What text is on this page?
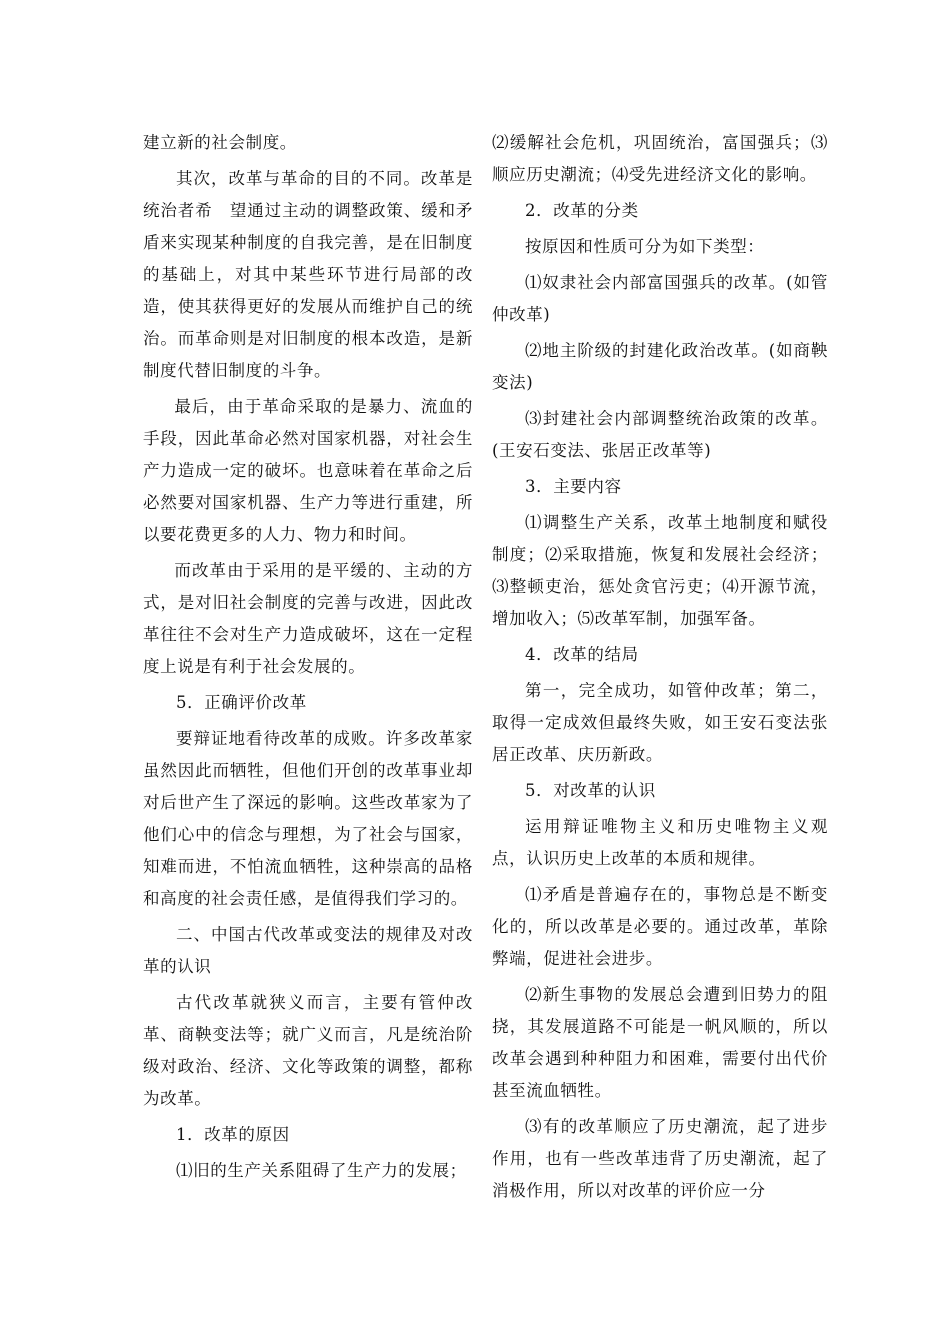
建立新的社会制度。

其次，改革与革命的目的不同。改革是统治者希　望通过主动的调整政策、缓和矛盾来实现某种制度的自我完善，是在旧制度的基础上，对其中某些环节进行局部的改造，使其获得更好的发展从而维护自己的统治。而革命则是对旧制度的根本改造，是新制度代替旧制度的斗争。

最后，由于革命采取的是暴力、流血的手段，因此革命必然对国家机器，对社会生产力造成一定的破坏。也意味着在革命之后必然要对国家机器、生产力等进行重建，所以要花费更多的人力、物力和时间。

而改革由于采用的是平缓的、主动的方式，是对旧社会制度的完善与改进，因此改革往往不会对生产力造成破坏，这在一定程度上说是有利于社会发展的。

5．正确评价改革

要辩证地看待改革的成败。许多改革家虽然因此而牺牲，但他们开创的改革事业却对后世产生了深远的影响。这些改革家为了他们心中的信念与理想，为了社会与国家，知难而进，不怕流血牺牲，这种崇高的品格和高度的社会责任感，是值得我们学习的。

二、中国古代改革或变法的规律及对改革的认识

古代改革就狭义而言，主要有管仲改革、商鞅变法等；就广义而言，凡是统治阶级对政治、经济、文化等政策的调整，都称为改革。

1．改革的原因

⑴旧的生产关系阻碍了生产力的发展；

⑵缓解社会危机，巩固统治，富国强兵；⑶顺应历史潮流；⑷受先进经济文化的影响。

2．改革的分类

按原因和性质可分为如下类型：

⑴奴隶社会内部富国强兵的改革。(如管仲改革)

⑵地主阶级的封建化政治改革。(如商鞅变法)

⑶封建社会内部调整统治政策的改革。(王安石变法、张居正改革等)

3．主要内容

⑴调整生产关系，改革土地制度和赋役制度；⑵采取措施，恢复和发展社会经济；⑶整顿吏治，惩处贪官污吏；⑷开源节流，增加收入；⑸改革军制，加强军备。

4．改革的结局

第一，完全成功，如管仲改革；第二，取得一定成效但最终失败，如王安石变法张居正改革、庆历新政。

5．对改革的认识

运用辩证唯物主义和历史唯物主义观点，认识历史上改革的本质和规律。

⑴矛盾是普遍存在的，事物总是不断变化的，所以改革是必要的。通过改革，革除弊端，促进社会进步。

⑵新生事物的发展总会遭到旧势力的阻挠，其发展道路不可能是一帆风顺的，所以改革会遇到种种阻力和困难，需要付出代价甚至流血牺牲。

⑶有的改革顺应了历史潮流，起了进步作用，也有一些改革违背了历史潮流，起了消极作用，所以对改革的评价应一分
